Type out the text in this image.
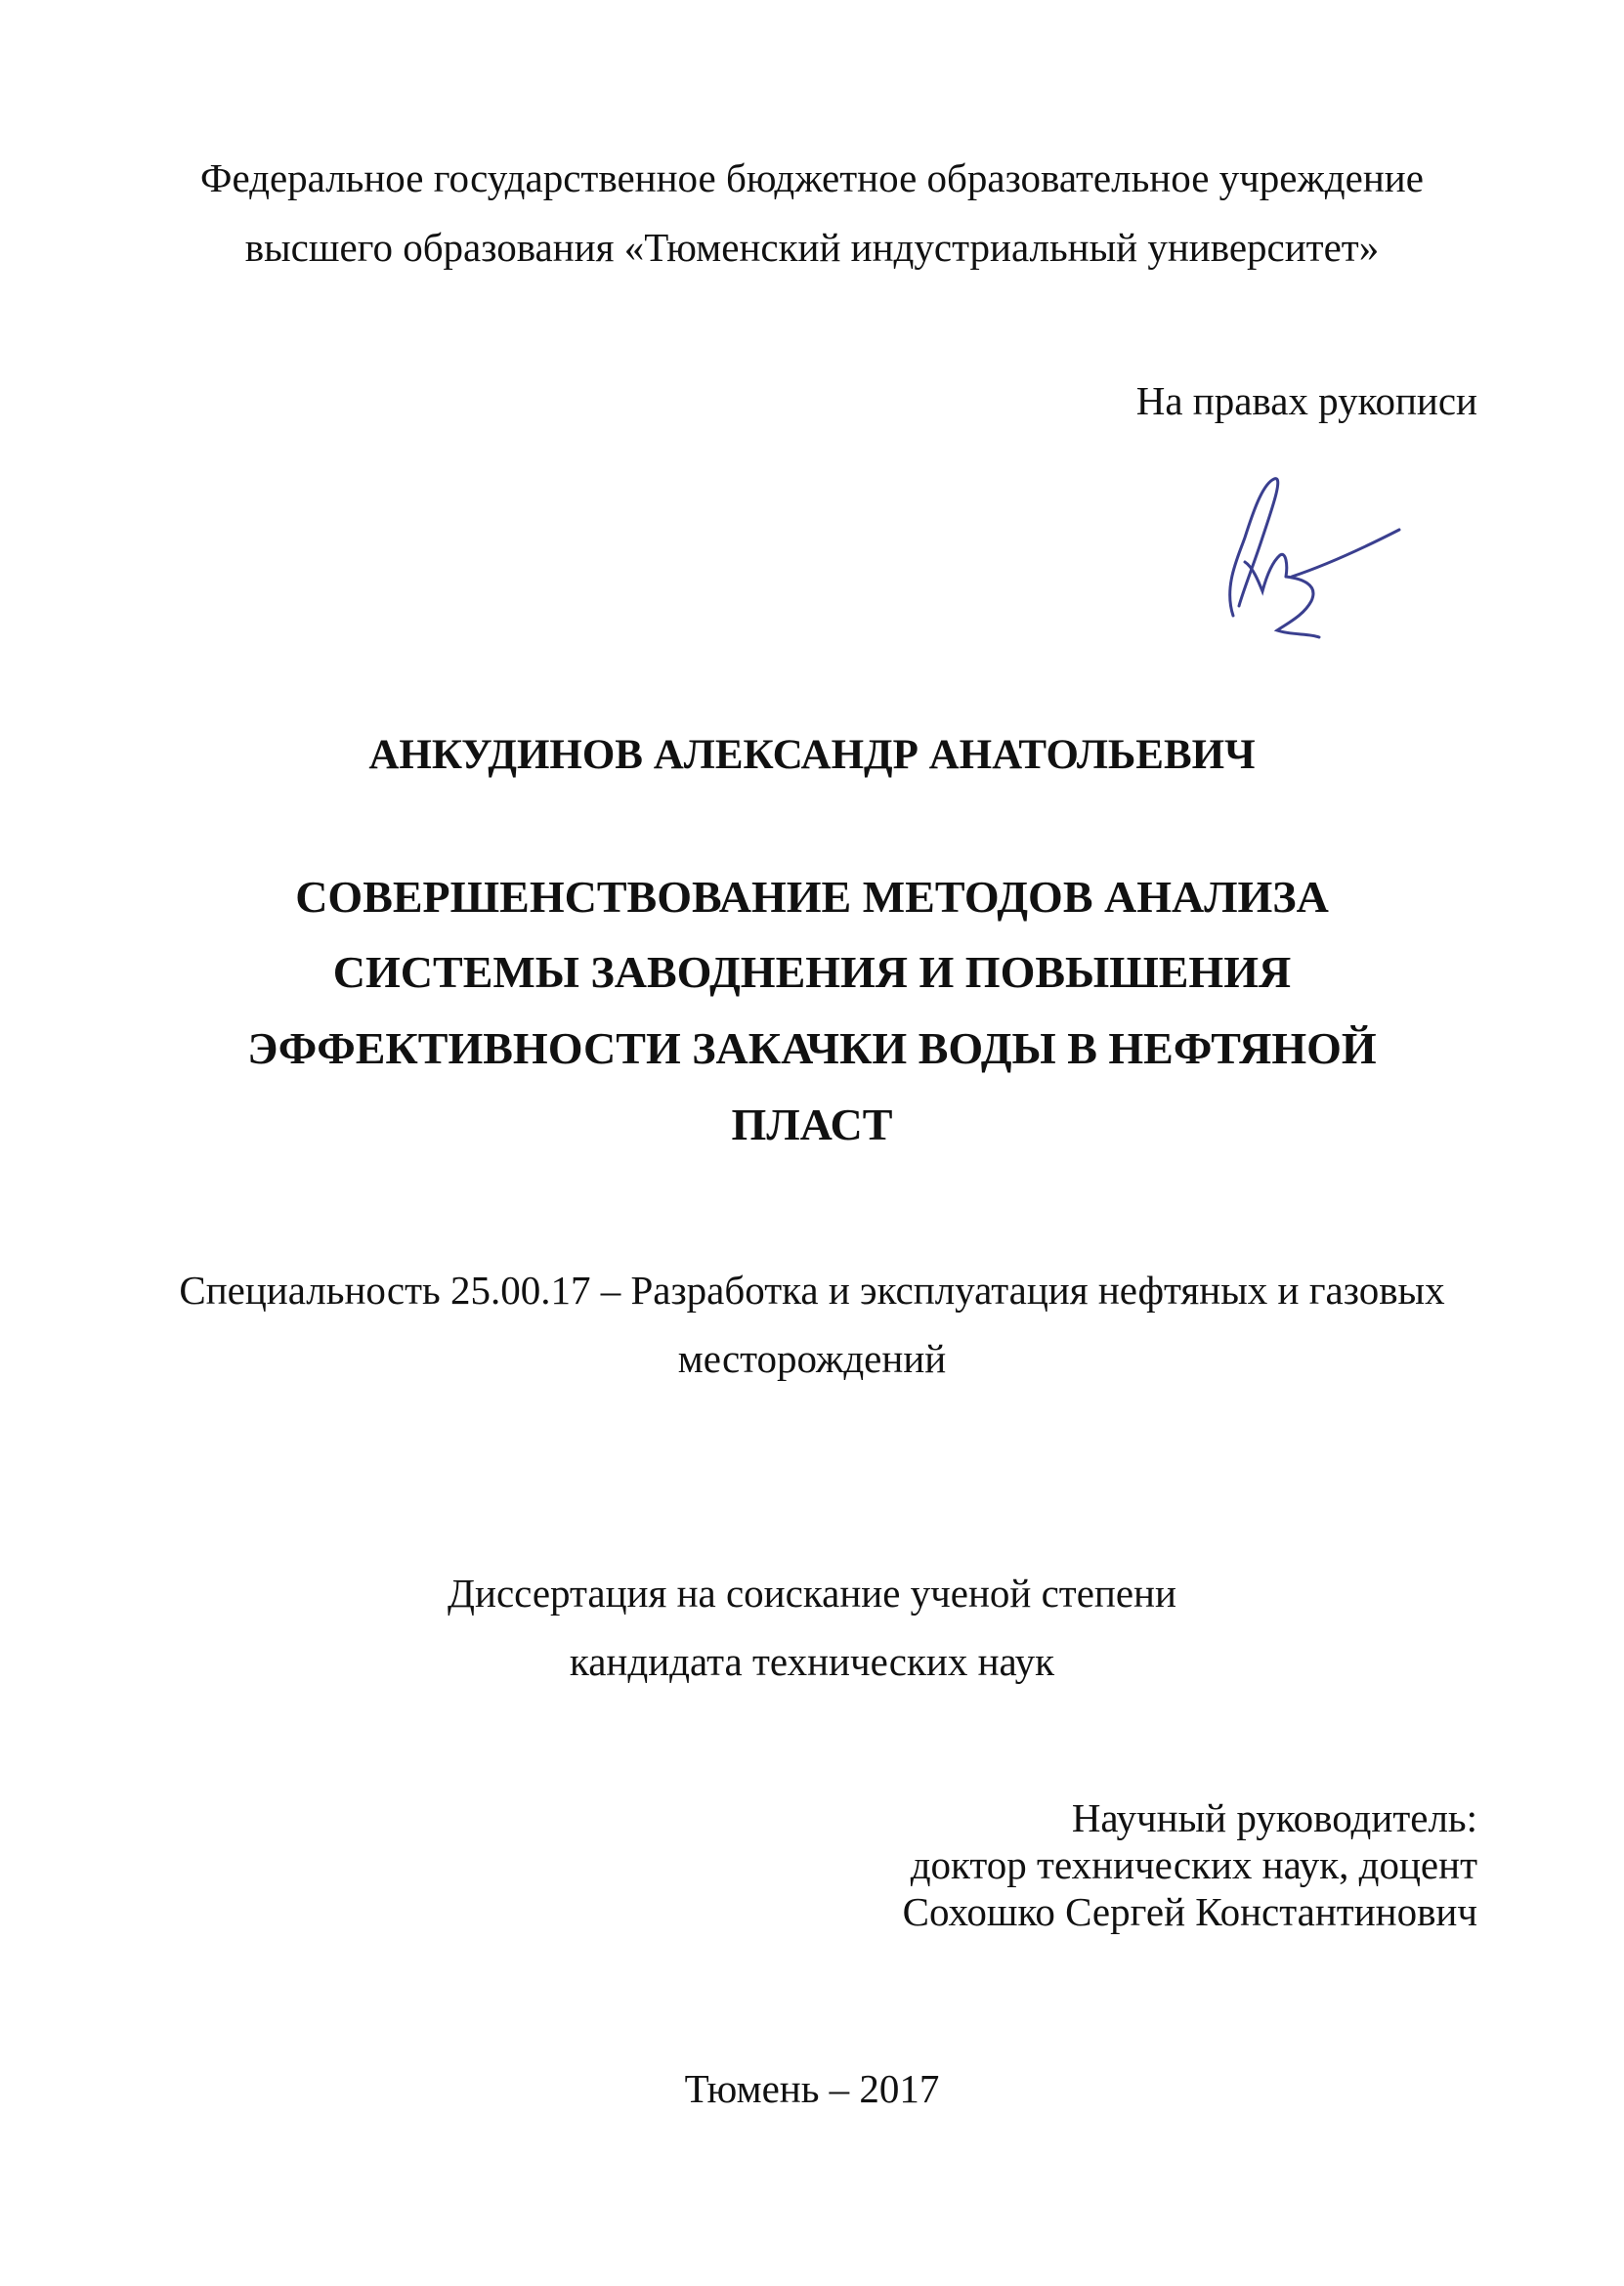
Федеральное государственное бюджетное образовательное учреждение
высшего образования «Тюменский индустриальный университет»
На правах рукописи
АНКУДИНОВ АЛЕКСАНДР АНАТОЛЬЕВИЧ
СОВЕРШЕНСТВОВАНИЕ МЕТОДОВ АНАЛИЗА
СИСТЕМЫ ЗАВОДНЕНИЯ И ПОВЫШЕНИЯ
ЭФФЕКТИВНОСТИ ЗАКАЧКИ ВОДЫ В НЕФТЯНОЙ
ПЛАСТ
Специальность 25.00.17 – Разработка и эксплуатация нефтяных и газовых
месторождений
Диссертация на соискание ученой степени
кандидата технических наук
Научный руководитель:
доктор технических наук, доцент
Сохошко Сергей Константинович
Тюмень – 2017
